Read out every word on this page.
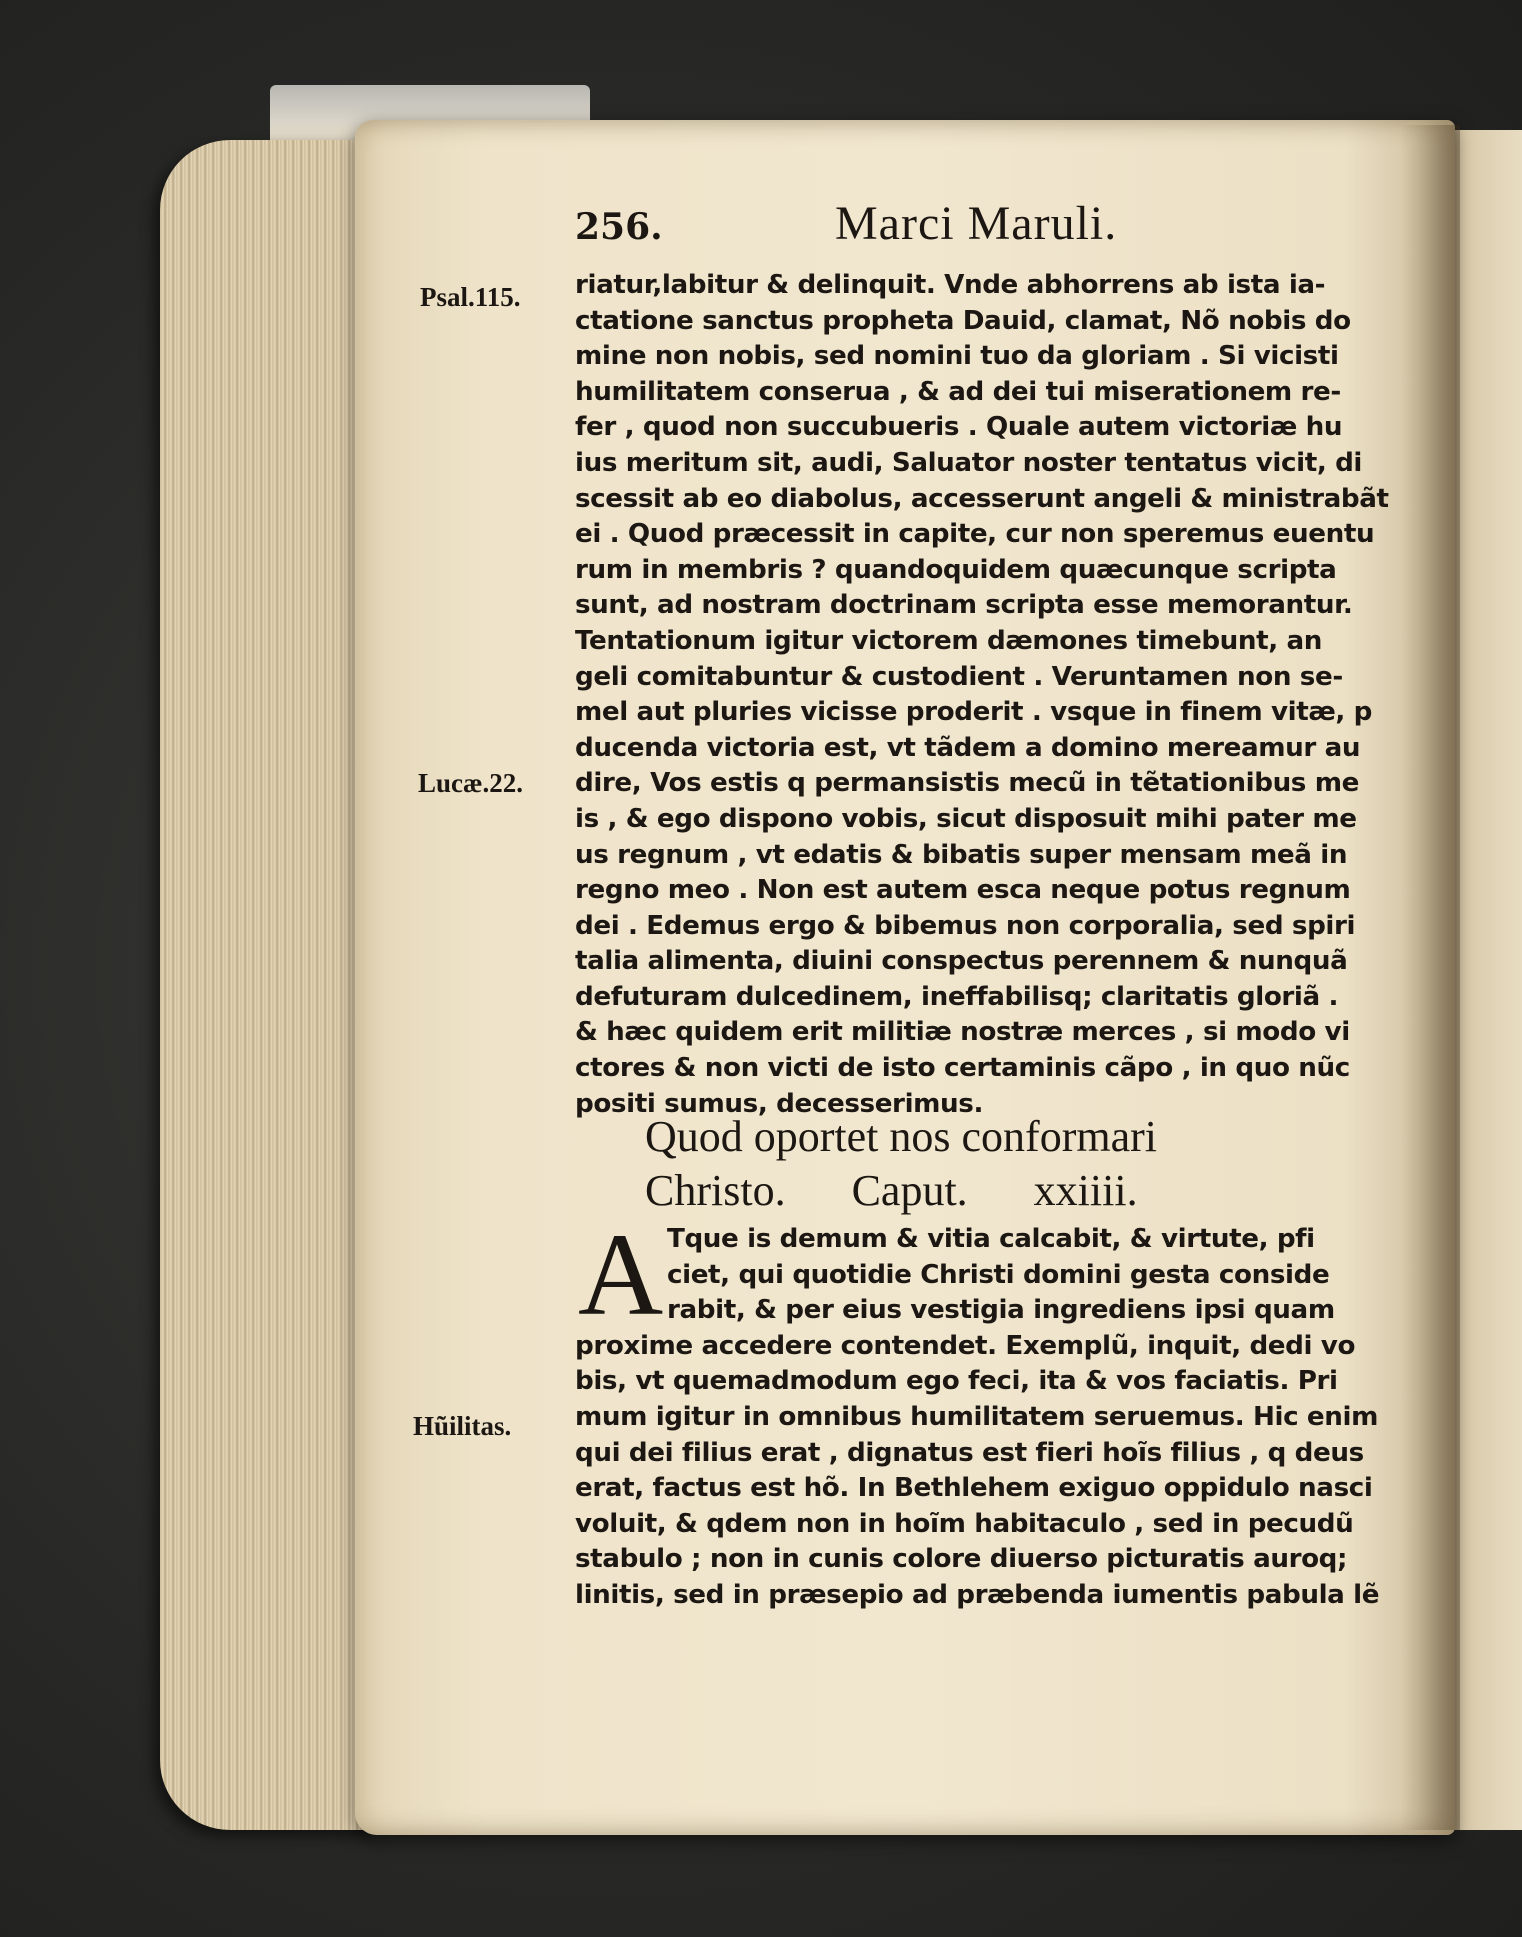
256.	Marci Maruli.
Psal.115.
Lucæ.22.
Hũilitas.
riatur,labitur & delinquit. Vnde abhorrens ab ista ia-
ctatione sanctus propheta Dauid, clamat, Nõ nobis do
mine non nobis, sed nomini tuo da gloriam . Si vicisti
humilitatem conserua , & ad dei tui miserationem re-
fer , quod non succubueris . Quale autem victoriæ hu
ius meritum sit, audi, Saluator noster tentatus vicit, di
scessit ab eo diabolus, accesserunt angeli & ministrabãt
ei . Quod præcessit in capite, cur non speremus euentu
rum in membris ? quandoquidem quæcunque scripta
sunt, ad nostram doctrinam scripta esse memorantur.
Tentationum igitur victorem dæmones timebunt, an
geli comitabuntur & custodient . Veruntamen non se-
mel aut pluries vicisse proderit . vsque in finem vitæ, p
ducenda victoria est, vt tãdem a domino mereamur au
dire, Vos estis q permansistis mecũ in tẽtationibus me
is , & ego dispono vobis, sicut disposuit mihi pater me
us regnum , vt edatis & bibatis super mensam meã in
regno meo . Non est autem esca neque potus regnum
dei . Edemus ergo & bibemus non corporalia, sed spiri
talia alimenta, diuini conspectus perennem & nunquã
defuturam dulcedinem, ineffabilisq; claritatis gloriã .
& hæc quidem erit militiæ nostræ merces , si modo vi
ctores & non victi de isto certaminis cãpo , in quo nũc
positi sumus, decesserimus.
Quod oportet nos conformari
Christo.      Caput.      xxiiii.
A Tque is demum & vitia calcabit, & virtute, pfi
ciet, qui quotidie Christi domini gesta conside
rabit, & per eius vestigia ingrediens ipsi quam
proxime accedere contendet. Exemplũ, inquit, dedi vo
bis, vt quemadmodum ego feci, ita & vos faciatis. Pri
mum igitur in omnibus humilitatem seruemus. Hic enim
qui dei filius erat , dignatus est fieri hoĩs filius , q deus
erat, factus est hõ. In Bethlehem exiguo oppidulo nasci
voluit, & qdem non in hoĩm habitaculo , sed in pecudũ
stabulo ; non in cunis colore diuerso picturatis auroq;
linitis, sed in præsepio ad præbenda iumentis pabula lẽ
